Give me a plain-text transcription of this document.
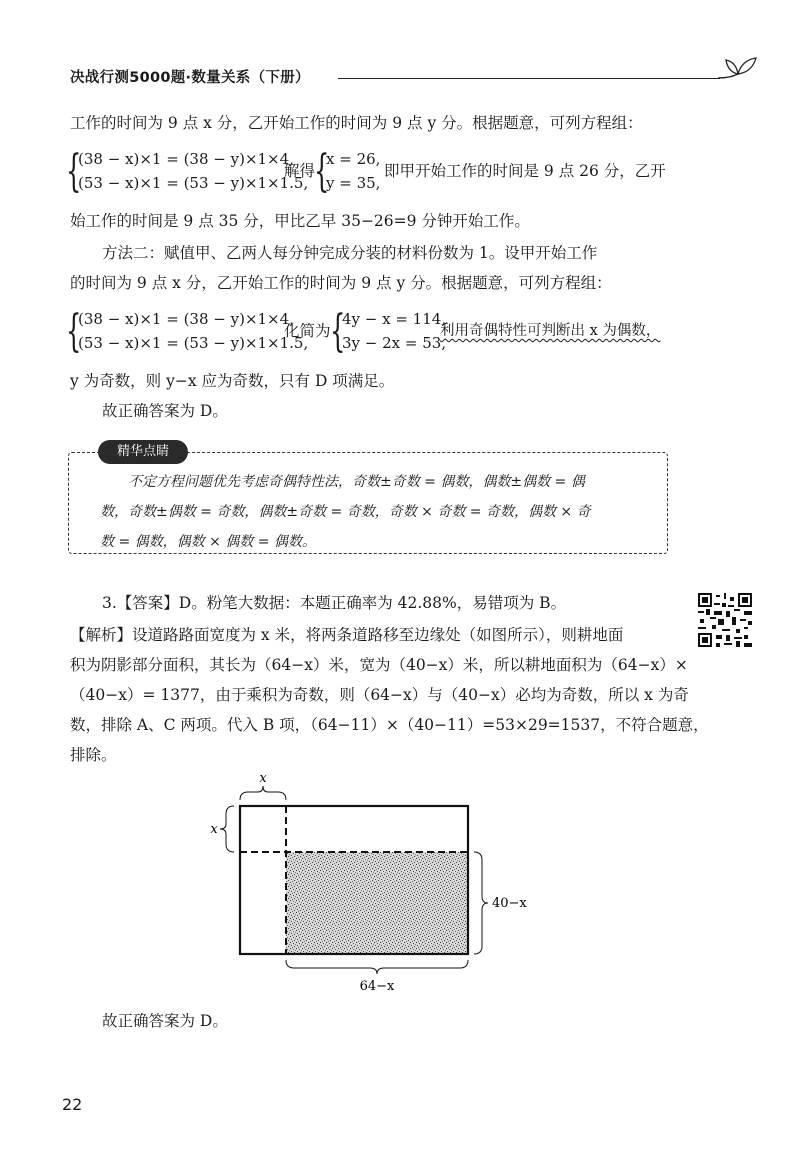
决战行测5000题·数量关系（下册）
工作的时间为 9 点 x 分，乙开始工作的时间为 9 点 y 分。根据题意，可列方程组：
{
(38 − x)×1 = (38 − y)×1×4,
(53 − x)×1 = (53 − y)×1×1.5,
解得
{
x = 26,
y = 35,
即甲开始工作的时间是 9 点 26 分，乙开
始工作的时间是 9 点 35 分，甲比乙早 35−26=9 分钟开始工作。
方法二：赋值甲、乙两人每分钟完成分装的材料份数为 1。设甲开始工作
的时间为 9 点 x 分，乙开始工作的时间为 9 点 y 分。根据题意，可列方程组：
{
(38 − x)×1 = (38 − y)×1×4,
(53 − x)×1 = (53 − y)×1×1.5,
化简为 {
4y − x = 114,
3y − 2x = 53,
利用奇偶特性可判断出 x 为偶数，
y 为奇数，则 y−x 应为奇数，只有 D 项满足。
故正确答案为 D。
精华点睛
不定方程问题优先考虑奇偶特性法，奇数±奇数 = 偶数，偶数±偶数 = 偶
数，奇数±偶数 = 奇数，偶数±奇数 = 奇数，奇数 × 奇数 = 奇数，偶数 × 奇
数 = 偶数，偶数 × 偶数 = 偶数。
3.【答案】D。粉笔大数据：本题正确率为 42.88%，易错项为 B。
【解析】设道路路面宽度为 x 米，将两条道路移至边缘处（如图所示），则耕地面
积为阴影部分面积，其长为（64−x）米，宽为（40−x）米，所以耕地面积为（64−x）×
（40−x）= 1377，由于乘积为奇数，则（64−x）与（40−x）必均为奇数，所以 x 为奇
数，排除 A、C 两项。代入 B 项，（64−11）×（40−11）=53×29=1537，不符合题意，
排除。
x
x
40−x
64−x
故正确答案为 D。
22
